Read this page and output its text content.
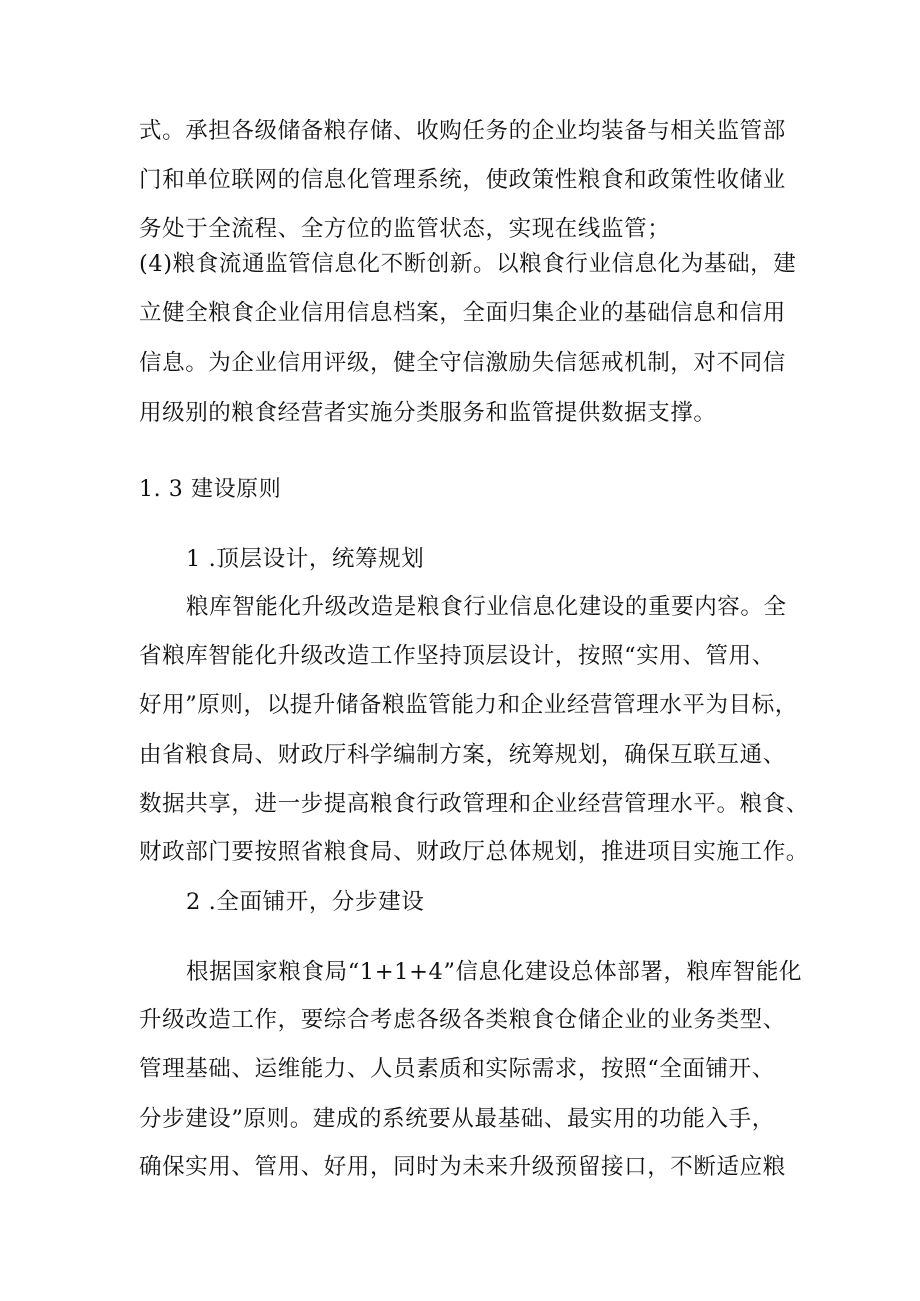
式。承担各级储备粮存储、收购任务的企业均装备与相关监管部
门和单位联网的信息化管理系统，使政策性粮食和政策性收储业
务处于全流程、全方位的监管状态，实现在线监管；
(4)粮食流通监管信息化不断创新。以粮食行业信息化为基础，建
立健全粮食企业信用信息档案，全面归集企业的基础信息和信用
信息。为企业信用评级，健全守信激励失信惩戒机制，对不同信
用级别的粮食经营者实施分类服务和监管提供数据支撑。
1. 3 建设原则
1 .顶层设计，统筹规划
粮库智能化升级改造是粮食行业信息化建设的重要内容。全
省粮库智能化升级改造工作坚持顶层设计，按照“实用、管用、
好用”原则，以提升储备粮监管能力和企业经营管理水平为目标，
由省粮食局、财政厅科学编制方案，统筹规划，确保互联互通、
数据共享，进一步提高粮食行政管理和企业经营管理水平。粮食、
财政部门要按照省粮食局、财政厅总体规划，推进项目实施工作。
2 .全面铺开，分步建设
根据国家粮食局“1+1+4”信息化建设总体部署，粮库智能化
升级改造工作，要综合考虑各级各类粮食仓储企业的业务类型、
管理基础、运维能力、人员素质和实际需求，按照“全面铺开、
分步建设”原则。建成的系统要从最基础、最实用的功能入手，
确保实用、管用、好用，同时为未来升级预留接口，不断适应粮
